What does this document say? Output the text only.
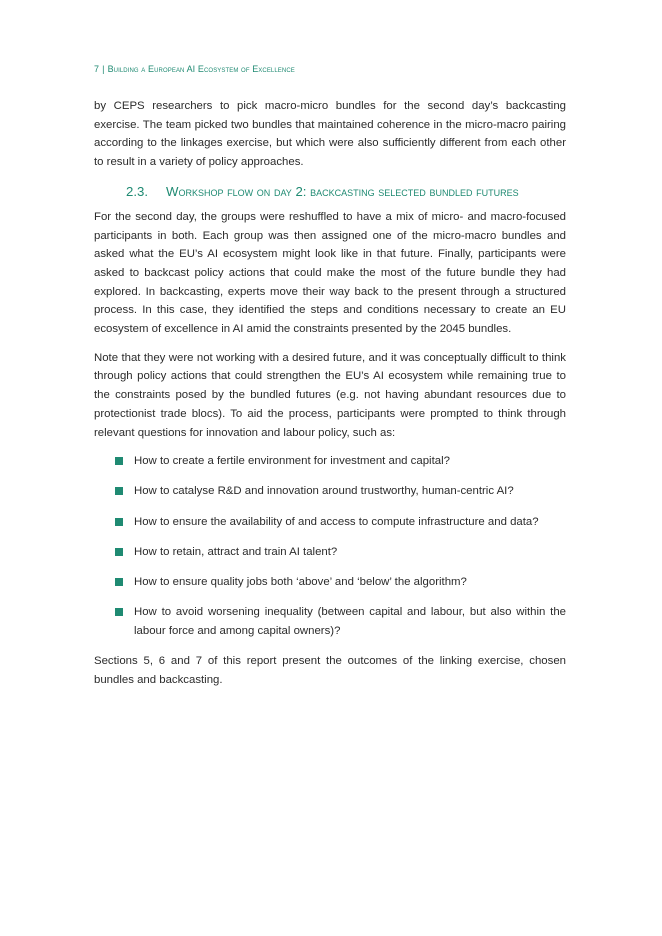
7 | Building a European AI Ecosystem of Excellence

by CEPS researchers to pick macro-micro bundles for the second day’s backcasting exercise. The team picked two bundles that maintained coherence in the micro-macro pairing according to the linkages exercise, but which were also sufficiently different from each other to result in a variety of policy approaches.

2.3. Workshop flow on day 2: backcasting selected bundled futures

For the second day, the groups were reshuffled to have a mix of micro- and macro-focused participants in both. Each group was then assigned one of the micro-macro bundles and asked what the EU’s AI ecosystem might look like in that future. Finally, participants were asked to backcast policy actions that could make the most of the future bundle they had explored. In backcasting, experts move their way back to the present through a structured process. In this case, they identified the steps and conditions necessary to create an EU ecosystem of excellence in AI amid the constraints presented by the 2045 bundles.

Note that they were not working with a desired future, and it was conceptually difficult to think through policy actions that could strengthen the EU’s AI ecosystem while remaining true to the constraints posed by the bundled futures (e.g. not having abundant resources due to protectionist trade blocs). To aid the process, participants were prompted to think through relevant questions for innovation and labour policy, such as:

How to create a fertile environment for investment and capital?
How to catalyse R&D and innovation around trustworthy, human-centric AI?
How to ensure the availability of and access to compute infrastructure and data?
How to retain, attract and train AI talent?
How to ensure quality jobs both ‘above’ and ‘below’ the algorithm?
How to avoid worsening inequality (between capital and labour, but also within the labour force and among capital owners)?

Sections 5, 6 and 7 of this report present the outcomes of the linking exercise, chosen bundles and backcasting.
